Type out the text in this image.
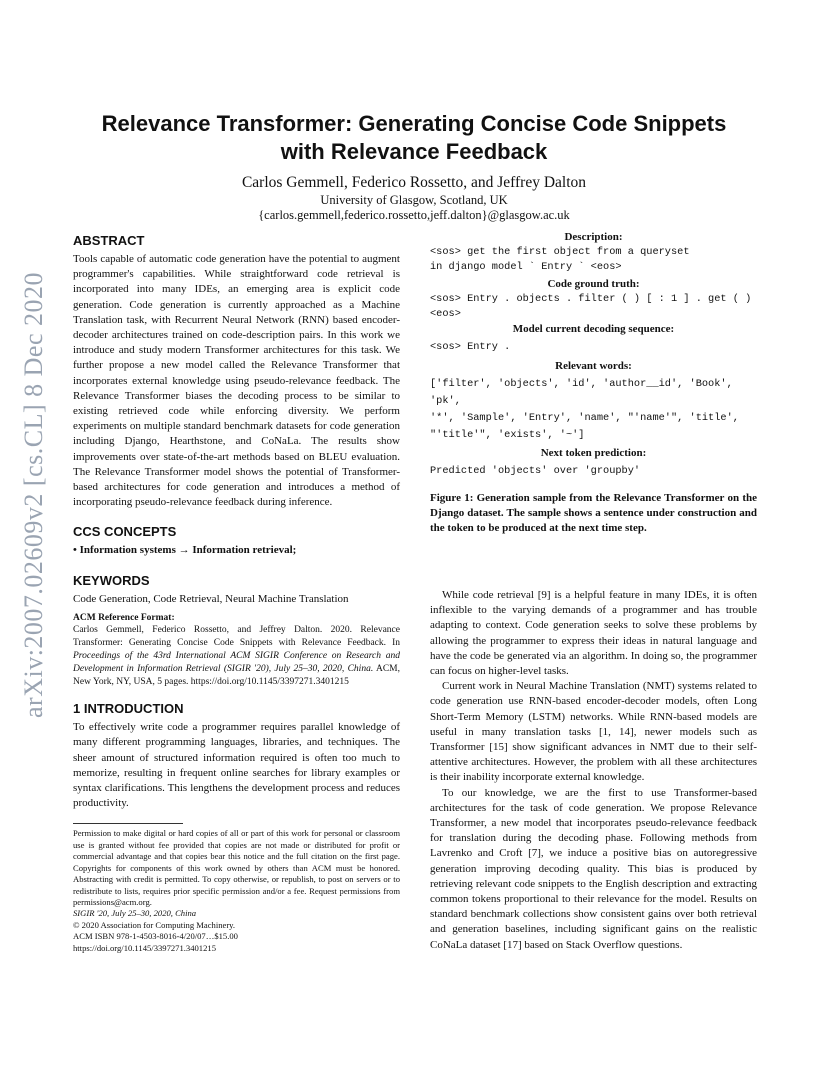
arXiv:2007.02609v2 [cs.CL] 8 Dec 2020
Relevance Transformer: Generating Concise Code Snippets
with Relevance Feedback
Carlos Gemmell, Federico Rossetto, and Jeffrey Dalton
University of Glasgow, Scotland, UK
{carlos.gemmell,federico.rossetto,jeff.dalton}@glasgow.ac.uk
ABSTRACT

Tools capable of automatic code generation have the potential to augment programmer's capabilities. While straightforward code retrieval is incorporated into many IDEs, an emerging area is explicit code generation. Code generation is currently approached as a Machine Translation task, with Recurrent Neural Network (RNN) based encoder-decoder architectures trained on code-description pairs. In this work we introduce and study modern Transformer architectures for this task. We further propose a new model called the Relevance Transformer that incorporates external knowledge using pseudo-relevance feedback. The Relevance Transformer biases the decoding process to be similar to existing retrieved code while enforcing diversity. We perform experiments on multiple standard benchmark datasets for code generation including Django, Hearthstone, and CoNaLa. The results show improvements over state-of-the-art methods based on BLEU evaluation. The Relevance Transformer model shows the potential of Transformer-based architectures for code generation and introduces a method of incorporating pseudo-relevance feedback during inference.

CCS CONCEPTS

• Information systems → Information retrieval;

KEYWORDS

Code Generation, Code Retrieval, Neural Machine Translation

ACM Reference Format:

Carlos Gemmell, Federico Rossetto, and Jeffrey Dalton. 2020. Relevance Transformer: Generating Concise Code Snippets with Relevance Feedback. In Proceedings of the 43rd International ACM SIGIR Conference on Research and Development in Information Retrieval (SIGIR '20), July 25–30, 2020, China. ACM, New York, NY, USA, 5 pages. https://doi.org/10.1145/3397271.3401215

1 INTRODUCTION

To effectively write code a programmer requires parallel knowledge of many different programming languages, libraries, and techniques. The sheer amount of structured information required is often too much to memorize, resulting in frequent online searches for library examples or syntax clarifications. This lengthens the development process and reduces productivity.

Permission to make digital or hard copies of all or part of this work for personal or classroom use is granted without fee provided that copies are not made or distributed for profit or commercial advantage and that copies bear this notice and the full citation on the first page. Copyrights for components of this work owned by others than ACM must be honored. Abstracting with credit is permitted. To copy otherwise, or republish, to post on servers or to redistribute to lists, requires prior specific permission and/or a fee. Request permissions from permissions@acm.org.

SIGIR '20, July 25–30, 2020, China

© 2020 Association for Computing Machinery.

ACM ISBN 978-1-4503-8016-4/20/07…$15.00

https://doi.org/10.1145/3397271.3401215

Description:

<sos> get the first object from a queryset
in django model ` Entry ` <eos>

Code ground truth:

<sos> Entry . objects . filter ( ) [ : 1 ] . get ( ) <eos>

Model current decoding sequence:

<sos> Entry .

Relevant words:

['filter', 'objects', 'id', 'author__id', 'Book', 'pk',
'*', 'Sample', 'Entry', 'name', "'name'", 'title',
"'title'", 'exists', '~']

Next token prediction:

Predicted 'objects' over 'groupby'

Figure 1: Generation sample from the Relevance Transformer on the Django dataset. The sample shows a sentence under construction and the token to be produced at the next time step.

While code retrieval [9] is a helpful feature in many IDEs, it is often inflexible to the varying demands of a programmer and has trouble adapting to context. Code generation seeks to solve these problems by allowing the programmer to express their ideas in natural language and have the code be generated via an algorithm. In doing so, the programmer can focus on higher-level tasks.

Current work in Neural Machine Translation (NMT) systems related to code generation use RNN-based encoder-decoder models, often Long Short-Term Memory (LSTM) networks. While RNN-based models are useful in many translation tasks [1, 14], newer models such as Transformer [15] show significant advances in NMT due to their self-attentive architectures. However, the problem with all these architectures is their inability incorporate external knowledge.

To our knowledge, we are the first to use Transformer-based architectures for the task of code generation. We propose Relevance Transformer, a new model that incorporates pseudo-relevance feedback for translation during the decoding phase. Following methods from Lavrenko and Croft [7], we induce a positive bias on autoregressive generation improving decoding quality. This bias is produced by retrieving relevant code snippets to the English description and extracting common tokens proportional to their relevance for the model. Results on standard benchmark collections show consistent gains over both retrieval and generation baselines, including significant gains on the realistic CoNaLa dataset [17] based on Stack Overflow questions.
